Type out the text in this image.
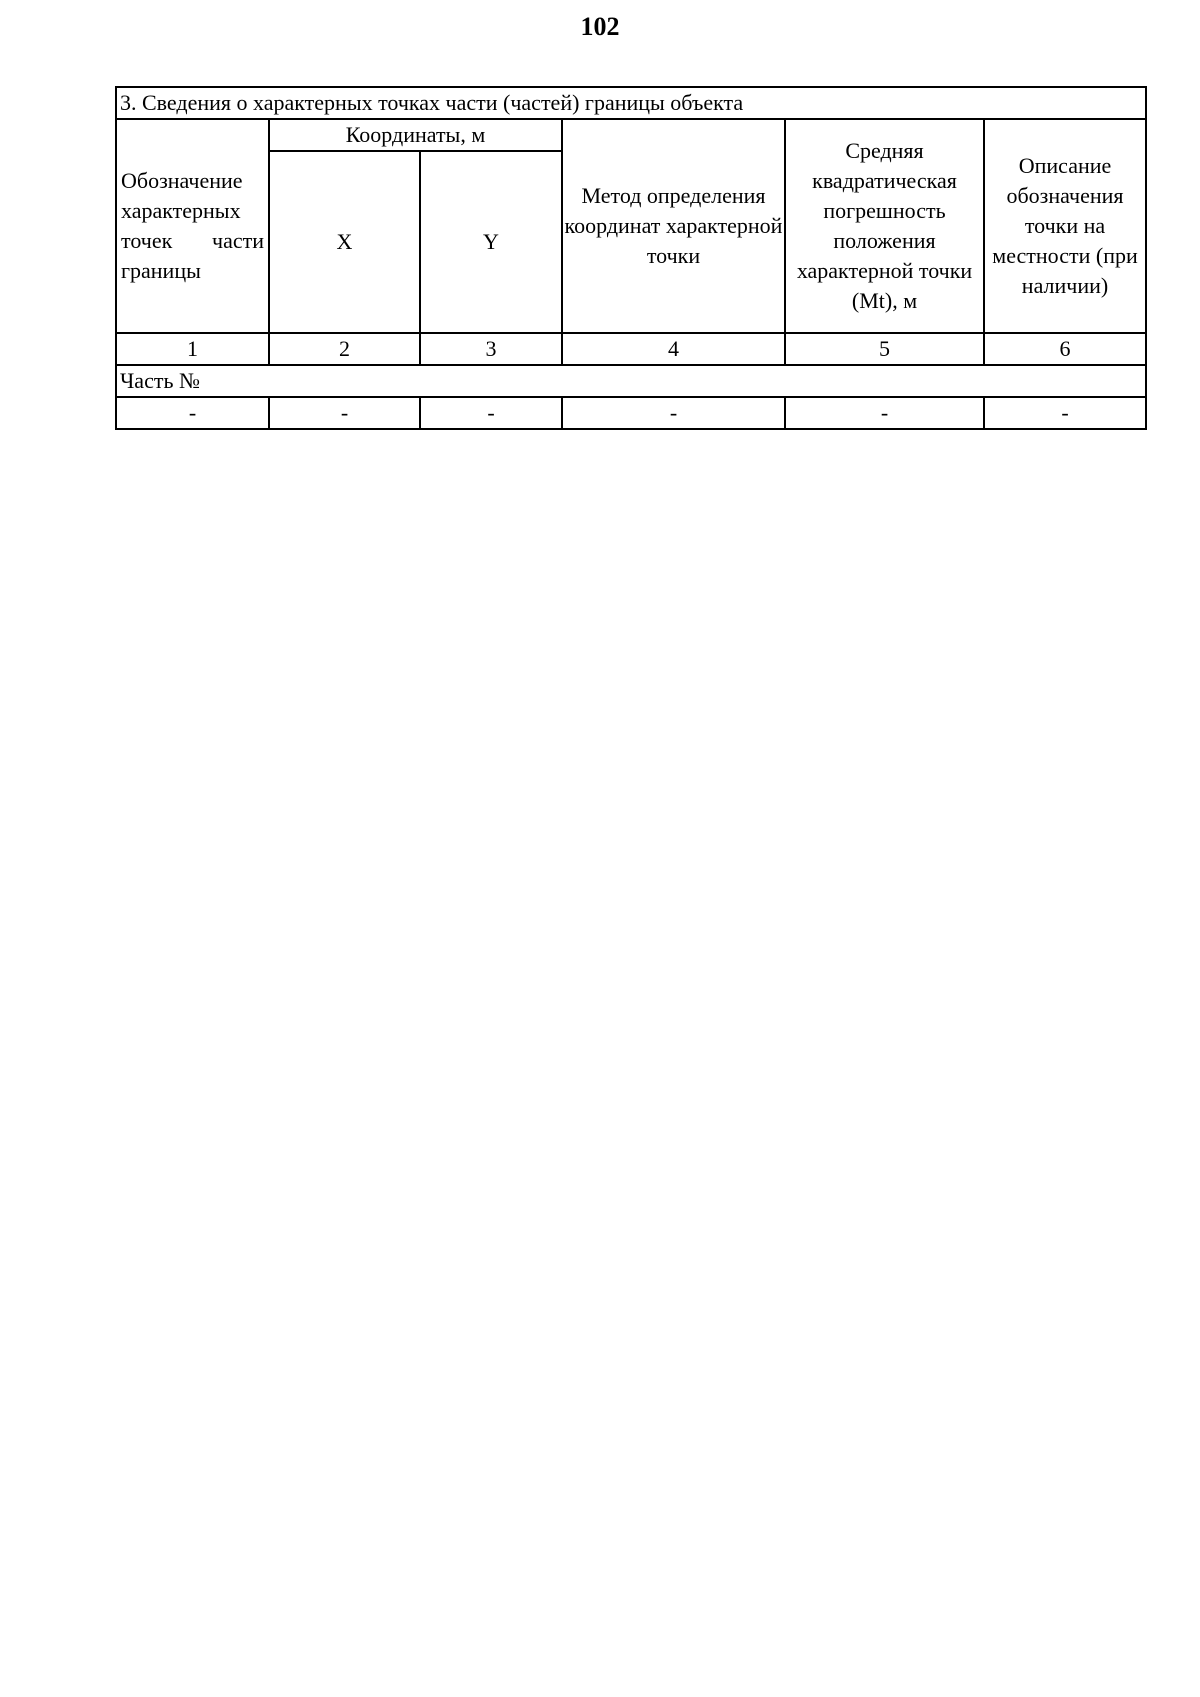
102
3. Сведения о характерных точках части (частей) границы объекта					
Обозначение характерных точек части границы	Координаты, м		Метод определения координат характерной точки	Средняя квадратическая погрешность положения характерной точки (Mt), м	Описание обозначения точки на местности (при наличии)
	X	Y			
1	2	3	4	5	6
Часть №					
-	-	-	-	-	-
